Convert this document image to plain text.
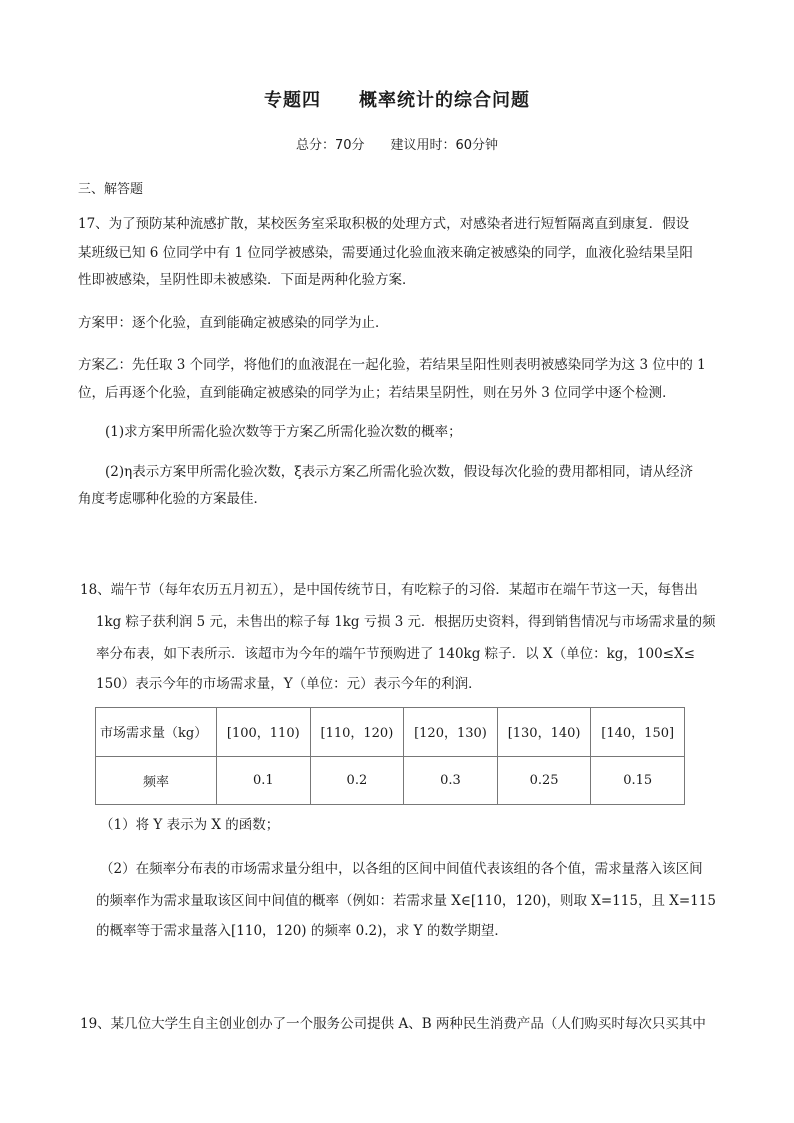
专题四　　概率统计的综合问题
总分：70分　　建议用时：60分钟
三、解答题
17、为了预防某种流感扩散，某校医务室采取积极的处理方式，对感染者进行短暂隔离直到康复．假设
某班级已知 6 位同学中有 1 位同学被感染，需要通过化验血液来确定被感染的同学，血液化验结果呈阳
性即被感染，呈阴性即未被感染．下面是两种化验方案．
方案甲：逐个化验，直到能确定被感染的同学为止．
方案乙：先任取 3 个同学，将他们的血液混在一起化验，若结果呈阳性则表明被感染同学为这 3 位中的 1
位，后再逐个化验，直到能确定被感染的同学为止；若结果呈阴性，则在另外 3 位同学中逐个检测．
(1)求方案甲所需化验次数等于方案乙所需化验次数的概率；
(2)η表示方案甲所需化验次数，ξ表示方案乙所需化验次数，假设每次化验的费用都相同，请从经济
角度考虑哪种化验的方案最佳．
18、端午节（每年农历五月初五），是中国传统节日，有吃粽子的习俗．某超市在端午节这一天，每售出
1kg 粽子获利润 5 元，未售出的粽子每 1kg 亏损 3 元．根据历史资料，得到销售情况与市场需求量的频
率分布表，如下表所示．该超市为今年的端午节预购进了 140kg 粽子．以 X（单位：kg，100≤X≤
150）表示今年的市场需求量，Y（单位：元）表示今年的利润．
市场需求量（kg）	[100，110)	[110，120)	[120，130)	[130，140)	[140，150]
频率	0.1	0.2	0.3	0.25	0.15
（1）将 Y 表示为 X 的函数；
（2）在频率分布表的市场需求量分组中，以各组的区间中间值代表该组的各个值，需求量落入该区间
的频率作为需求量取该区间中间值的概率（例如：若需求量 X∈[110，120)，则取 X=115，且 X=115
的概率等于需求量落入[110，120) 的频率 0.2)，求 Y 的数学期望．
19、某几位大学生自主创业创办了一个服务公司提供 A、B 两种民生消费产品（人们购买时每次只买其中
